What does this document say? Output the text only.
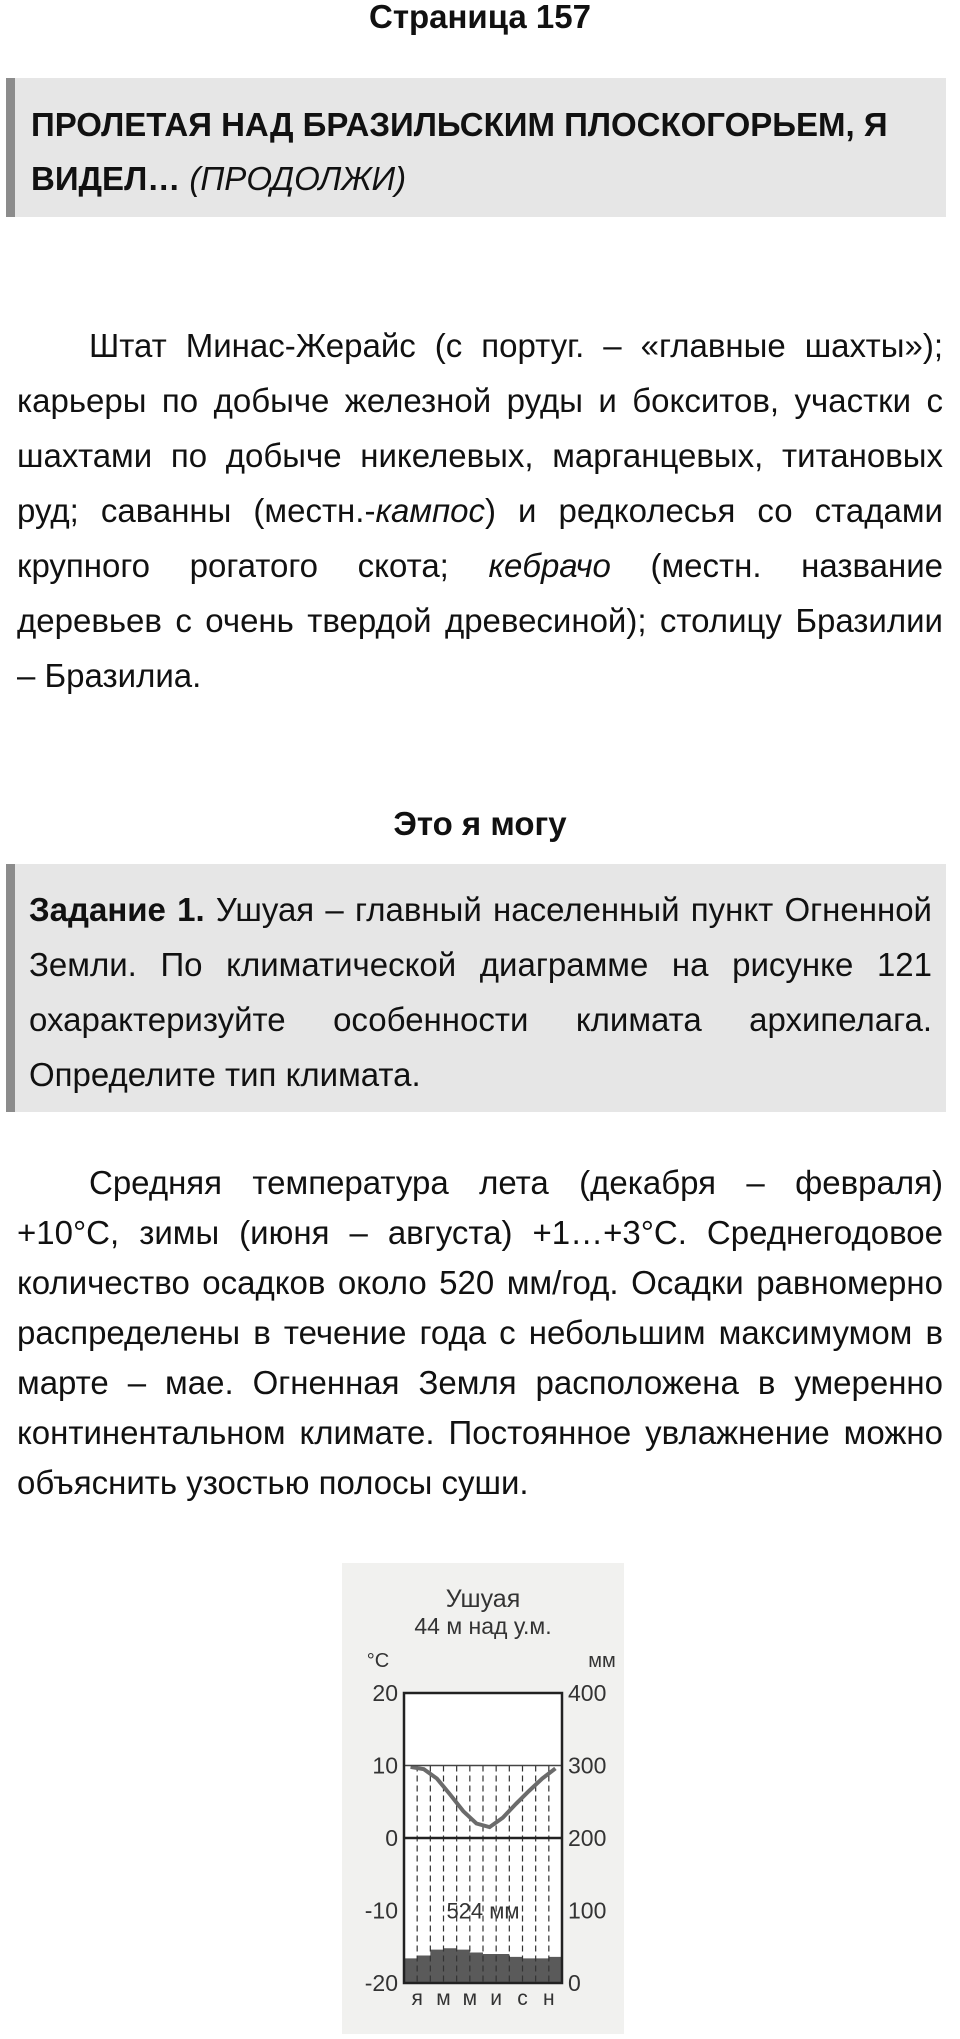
Страница 157
ПРОЛЕТАЯ НАД БРАЗИЛЬСКИМ ПЛОСКОГОРЬЕМ, Я ВИДЕЛ… (ПРОДОЛЖИ)
Штат Минас-Жерайс (с португ. – «главные шахты»); карьеры по добыче железной руды и бокситов, участки с шахтами по добыче никелевых, марганцевых, титановых руд; саванны (местн.-кампос) и редколесья со стадами крупного рогатого скота; кебрачо (местн. название деревьев с очень твердой древесиной); столицу Бразилии – Бразилиа.
Это я могу
Задание 1. Ушуая – главный населенный пункт Огненной Земли. По климатической диаграмме на рисунке 121 охарактеризуйте особенности климата архипелага. Определите тип климата.
Средняя температура лета (декабря – февраля) +10°С, зимы (июня – августа) +1…+3°С. Среднегодовое количество осадков около 520 мм/год. Осадки равномерно распределены в течение года с небольшим максимумом в марте – мае. Огненная Земля расположена в умеренно континентальном климате. Постоянное увлажнение можно объяснить узостью полосы суши.
Ушуая
44 м над у.м.
°С	мм
20
10
0
-10
-20
400
300
200
100
0
524 мм
я м м и с н
